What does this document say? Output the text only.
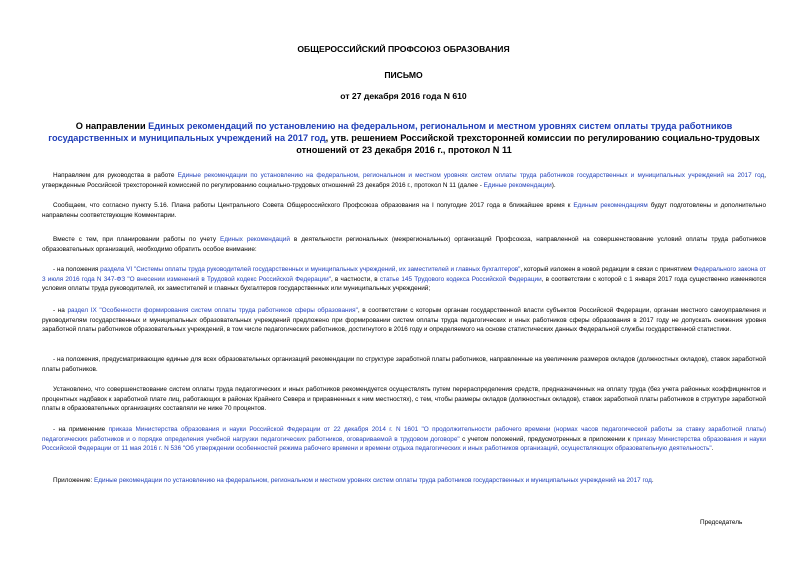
ОБЩЕРОССИЙСКИЙ ПРОФСОЮЗ ОБРАЗОВАНИЯ
ПИСЬМО
от 27 декабря 2016 года N 610
О направлении Единых рекомендаций по установлению на федеральном, региональном и местном уровнях систем оплаты труда работников государственных и муниципальных учреждений на 2017 год, утв. решением Российской трехсторонней комиссии по регулированию социально-трудовых отношений от 23 декабря 2016 г., протокол N 11
Направляем для руководства в работе Единые рекомендации по установлению на федеральном, региональном и местном уровнях систем оплаты труда работников государственных и муниципальных учреждений на 2017 год, утвержденные Российской трехсторонней комиссией по регулированию социально-трудовых отношений 23 декабря 2016 г., протокол N 11 (далее - Единые рекомендации).
Сообщаем, что согласно пункту 5.16. Плана работы Центрального Совета Общероссийского Профсоюза образования на I полугодие 2017 года в ближайшее время к Единым рекомендациям будут подготовлены и дополнительно направлены соответствующие Комментарии.
Вместе с тем, при планировании работы по учету Единых рекомендаций в деятельности региональных (межрегиональных) организаций Профсоюза, направленной на совершенствование условий оплаты труда работников образовательных организаций, необходимо обратить особое внимание:
- на положения раздела VI "Системы оплаты труда руководителей государственных и муниципальных учреждений, их заместителей и главных бухгалтеров", который изложен в новой редакции в связи с принятием Федерального закона от 3 июля 2016 года N 347-ФЗ "О внесении изменений в Трудовой кодекс Российской Федерации", в частности, в статье 145 Трудового кодекса Российской Федерации, в соответствии с которой с 1 января 2017 года существенно изменяются условия оплаты труда руководителей, их заместителей и главных бухгалтеров государственных или муниципальных учреждений;
- на раздел IX "Особенности формирования систем оплаты труда работников сферы образования", в соответствии с которым органам государственной власти субъектов Российской Федерации, органам местного самоуправления и руководителям государственных и муниципальных образовательных учреждений предложено при формировании систем оплаты труда педагогических и иных работников сферы образования в 2017 году не допускать снижения уровня заработной платы работников образовательных учреждений, в том числе педагогических работников, достигнутого в 2016 году и определяемого на основе статистических данных Федеральной службы государственной статистики.
- на положения, предусматривающие единые для всех образовательных организаций рекомендации по структуре заработной платы работников, направленные на увеличение размеров окладов (должностных окладов), ставок заработной платы работников.
Установлено, что совершенствование систем оплаты труда педагогических и иных работников рекомендуется осуществлять путем перераспределения средств, предназначенных на оплату труда (без учета районных коэффициентов и процентных надбавок к заработной плате лиц, работающих в районах Крайнего Севера и приравненных к ним местностях), с тем, чтобы размеры окладов (должностных окладов), ставок заработной платы работников в структуре заработной платы в образовательных организациях составляли не ниже 70 процентов.
- на применение приказа Министерства образования и науки Российской Федерации от 22 декабря 2014 г. N 1601 "О продолжительности рабочего времени (нормах часов педагогической работы за ставку заработной платы) педагогических работников и о порядке определения учебной нагрузки педагогических работников, оговариваемой в трудовом договоре" с учетом положений, предусмотренных в приложении к приказу Министерства образования и науки Российской Федерации от 11 мая 2016 г. N 536 "Об утверждении особенностей режима рабочего времени и времени отдыха педагогических и иных работников организаций, осуществляющих образовательную деятельность".
Приложение: Единые рекомендации по установлению на федеральном, региональном и местном уровнях систем оплаты труда работников государственных и муниципальных учреждений на 2017 год.
Председатель
